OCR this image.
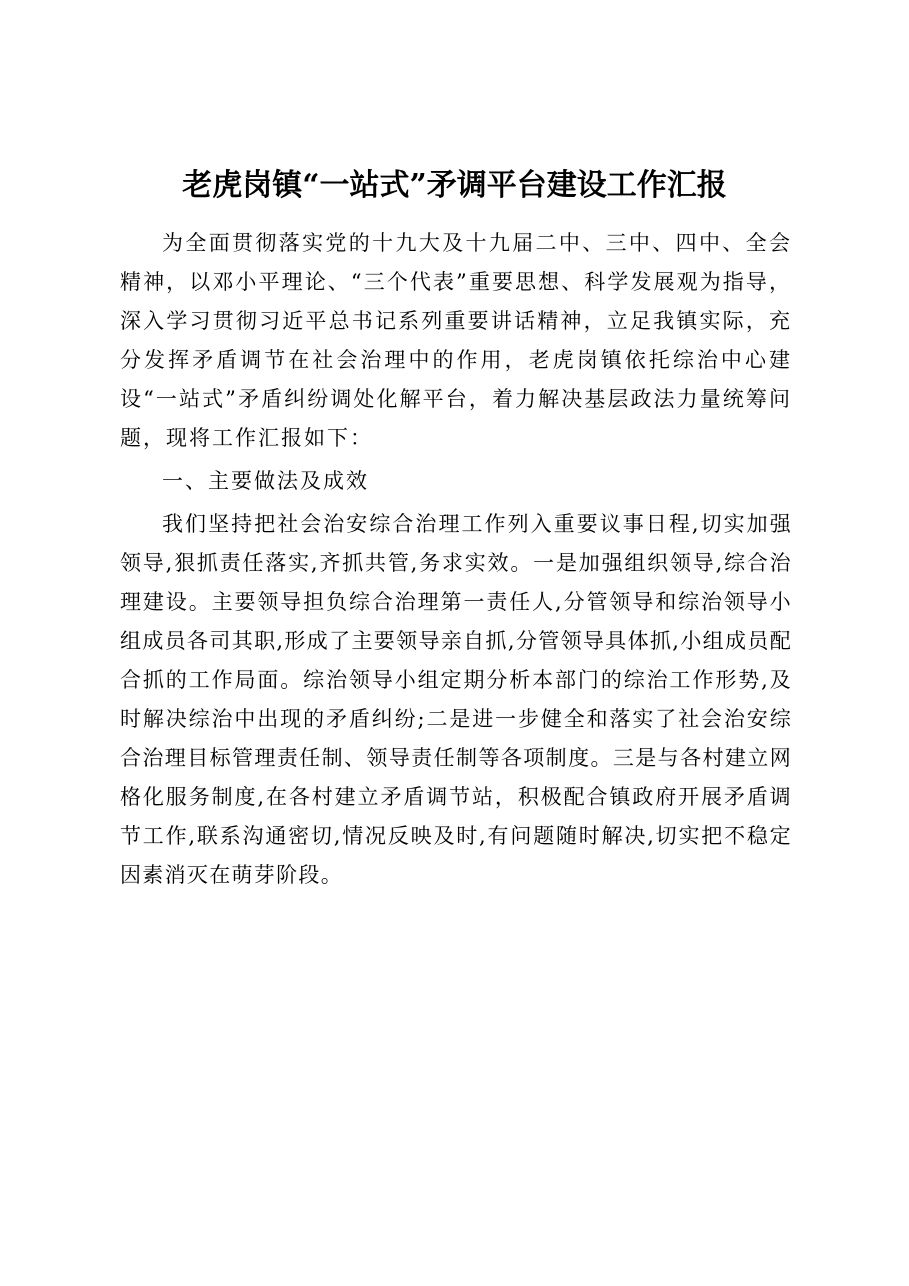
老虎岗镇“一站式”矛调平台建设工作汇报

为全面贯彻落实党的十九大及十九届二中、三中、四中、全会精神，以邓小平理论、“三个代表”重要思想、科学发展观为指导，深入学习贯彻习近平总书记系列重要讲话精神，立足我镇实际，充分发挥矛盾调节在社会治理中的作用，老虎岗镇依托综治中心建设“一站式”矛盾纠纷调处化解平台，着力解决基层政法力量统筹问题，现将工作汇报如下：

一、主要做法及成效

我们坚持把社会治安综合治理工作列入重要议事日程,切实加强领导,狠抓责任落实,齐抓共管,务求实效。一是加强组织领导,综合治理建设。主要领导担负综合治理第一责任人,分管领导和综治领导小组成员各司其职,形成了主要领导亲自抓,分管领导具体抓,小组成员配合抓的工作局面。综治领导小组定期分析本部门的综治工作形势,及时解决综治中出现的矛盾纠纷;二是进一步健全和落实了社会治安综合治理目标管理责任制、领导责任制等各项制度。三是与各村建立网格化服务制度,在各村建立矛盾调节站，积极配合镇政府开展矛盾调节工作,联系沟通密切,情况反映及时,有问题随时解决,切实把不稳定因素消灭在萌芽阶段。
